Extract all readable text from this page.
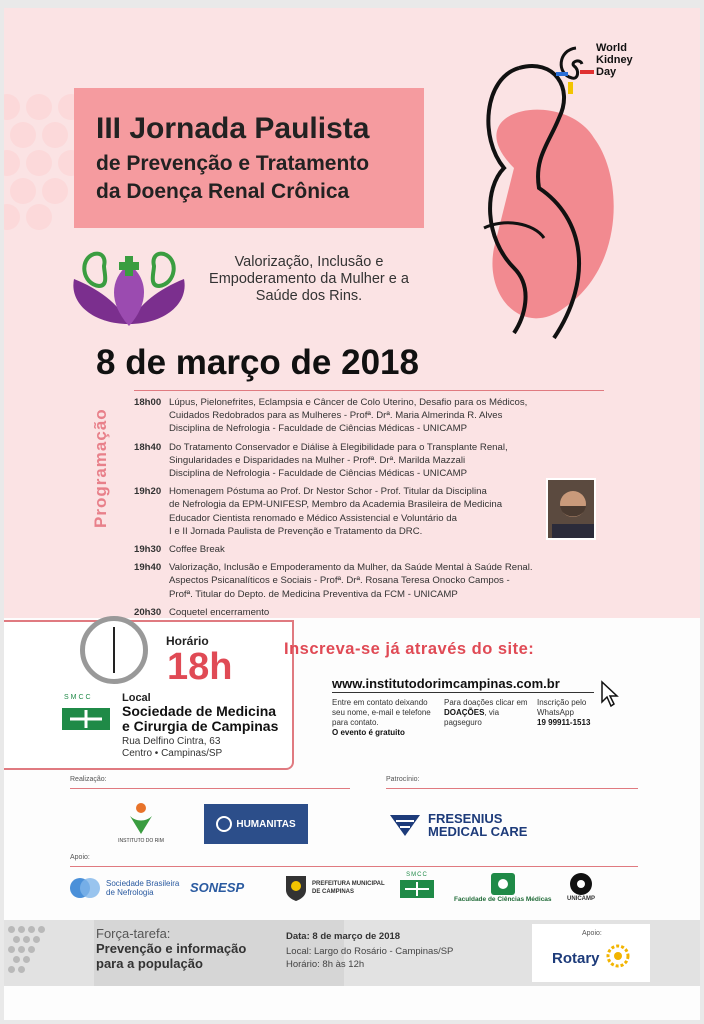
World
Kidney
Day
III Jornada Paulista
de Prevenção e Tratamento
da Doença Renal Crônica
Valorização, Inclusão e Empoderamento da Mulher e a Saúde dos Rins.
8 de março de 2018
Programação
18h00 Lúpus, Pielonefrites, Eclampsia e Câncer de Colo Uterino, Desafio para os Médicos,
Cuidados Redobrados para as Mulheres - Profª. Drª. Maria Almerinda R. Alves
Disciplina de Nefrologia - Faculdade de Ciências Médicas - UNICAMP
18h40 Do Tratamento Conservador e Diálise à Elegibilidade para o Transplante Renal,
Singularidades e Disparidades na Mulher - Profª. Drª. Marilda Mazzali
Disciplina de Nefrologia - Faculdade de Ciências Médicas - UNICAMP
19h20 Homenagem Póstuma ao Prof. Dr Nestor Schor - Prof. Titular da Disciplina
de Nefrologia da EPM-UNIFESP, Membro da Academia Brasileira de Medicina
Educador Cientista renomado e Médico Assistencial e Voluntário da
I e II Jornada Paulista de Prevenção e Tratamento da DRC.
19h30 Coffee Break
19h40 Valorização, Inclusão e Empoderamento da Mulher, da Saúde Mental à Saúde Renal.
Aspectos Psicanalíticos e Sociais - Profª. Drª. Rosana Teresa Onocko Campos -
Profª. Titular do Depto. de Medicina Preventiva da FCM - UNICAMP
20h30 Coquetel encerramento
Horário
18h
SMCC	Local
Sociedade de Medicina
e Cirurgia de Campinas
Rua Delfino Cintra, 63
Centro • Campinas/SP
Inscreva-se já através do site:
www.institutodorimcampinas.com.br
Entre em contato deixando seu nome, e-mail e telefone para contato.
O evento é gratuito
Para doações clicar em DOAÇÕES, via pagseguro
Inscrição pelo WhatsApp
19 99911-1513
Realização:	Patrocínio:
INSTITUTO DO RIM
HUMANITAS	FRESENIUS
MEDICAL CARE
Apoio:
Sociedade Brasileira
de Nefrologia	SONESP	PREFEITURA MUNICIPAL
DE CAMPINAS
SMCC
Faculdade de Ciências Médicas	UNICAMP
Força-tarefa:
Prevenção e informação
para a população
Data: 8 de março de 2018
Local: Largo do Rosário - Campinas/SP
Horário: 8h às 12h
Apoio:
Rotary
